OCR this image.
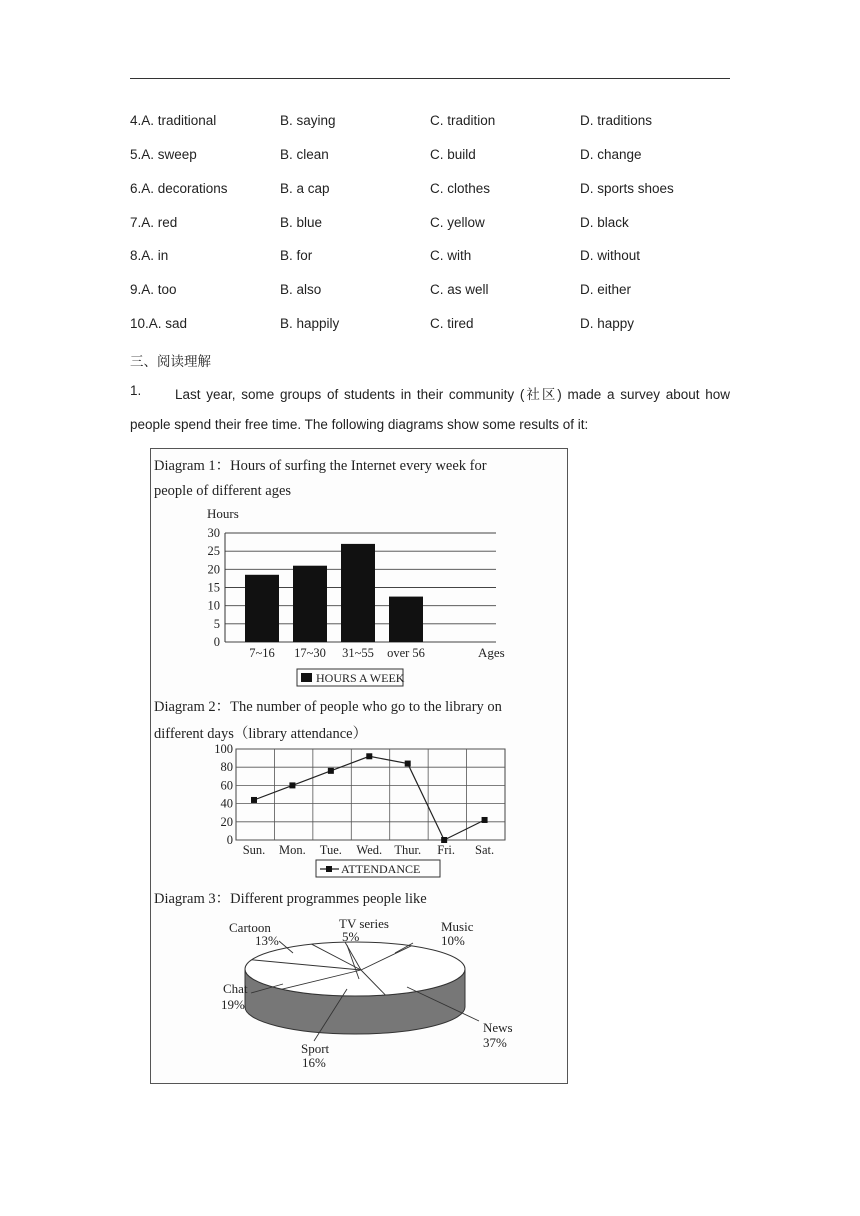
4.A. traditional	B. saying	C. tradition	D. traditions
5.A. sweep	B. clean	C. build	D. change
6.A. decorations	B. a cap	C. clothes	D. sports shoes
7.A. red	B. blue	C. yellow	D. black
8.A. in	B. for	C. with	D. without
9.A. too	B. also	C. as well	D. either
10.A. sad	B. happily	C. tired	D. happy
三、阅读理解
1. Last year, some groups of students in their community (社区) made a survey about how
people spend their free time. The following diagrams show some results of it:
Diagram 1：Hours of surfing the Internet every week for
people of different ages
Hours
Ages
0
5
10
15
20
25
30
7~16 17~30 31~55 over 56
HOURS A WEEK
Diagram 2：The number of people who go to the library on
different days（library attendance）
0
20
40
60
80
100
Sun. Mon. Tue. Wed. Thur. Fri. Sat.
ATTENDANCE
Diagram 3：Different programmes people like
Cartoon
13%
TV series
5%
Music
10%
News
37%
Sport
16%
Chat
19%
